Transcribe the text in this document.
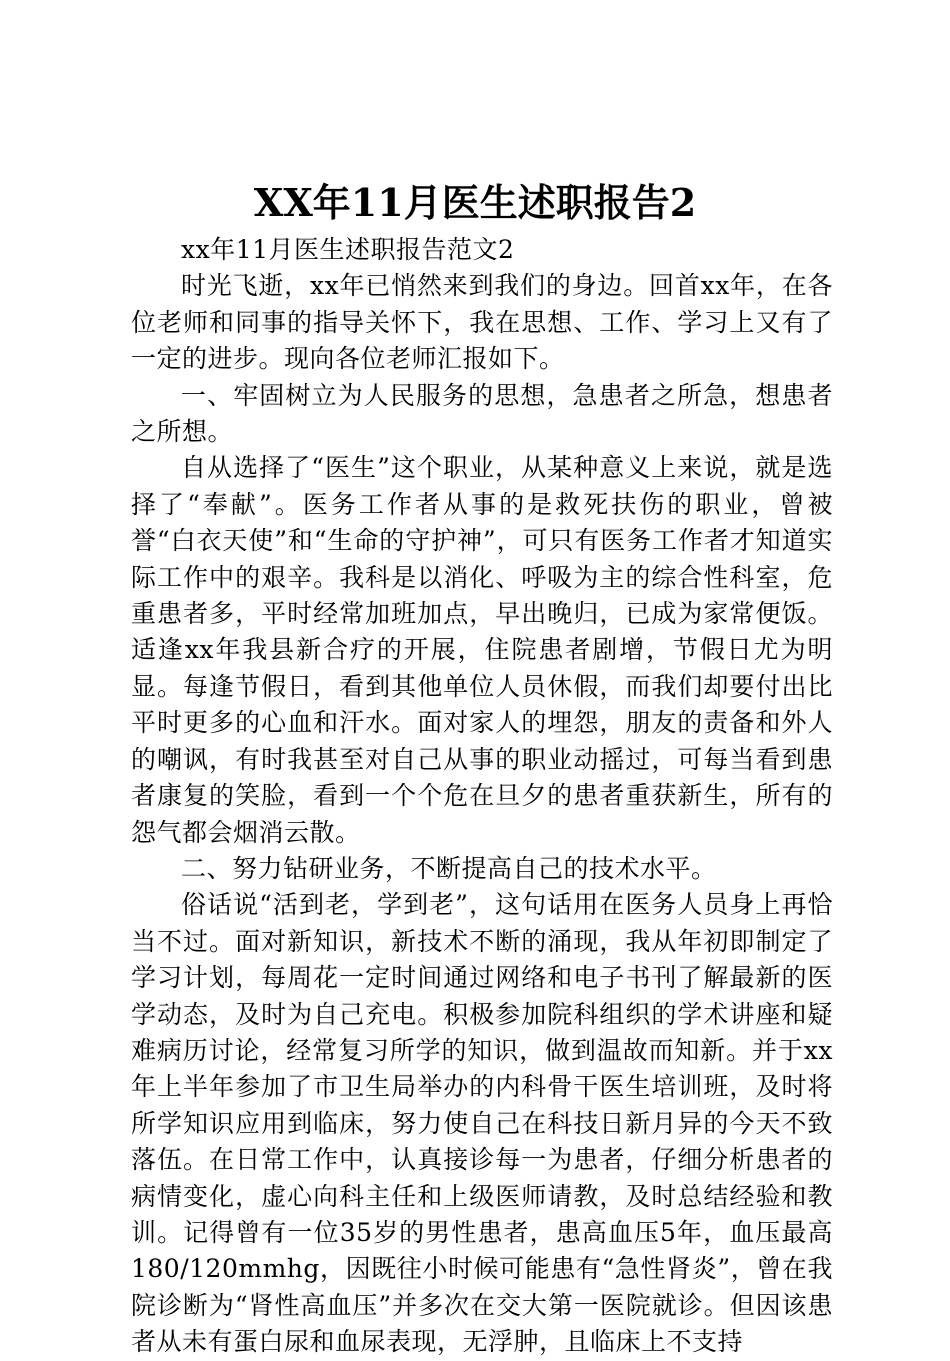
XX年11月医生述职报告2

xx年11月医生述职报告范文2

时光飞逝，xx年已悄然来到我们的身边。回首xx年，在各位老师和同事的指导关怀下，我在思想、工作、学习上又有了一定的进步。现向各位老师汇报如下。

一、牢固树立为人民服务的思想，急患者之所急，想患者之所想。

自从选择了“医生”这个职业，从某种意义上来说，就是选择了“奉献”。医务工作者从事的是救死扶伤的职业，曾被誉“白衣天使”和“生命的守护神”，可只有医务工作者才知道实际工作中的艰辛。我科是以消化、呼吸为主的综合性科室，危重患者多，平时经常加班加点，早出晚归，已成为家常便饭。适逢xx年我县新合疗的开展，住院患者剧增，节假日尤为明显。每逢节假日，看到其他单位人员休假，而我们却要付出比平时更多的心血和汗水。面对家人的埋怨，朋友的责备和外人的嘲讽，有时我甚至对自己从事的职业动摇过，可每当看到患者康复的笑脸，看到一个个危在旦夕的患者重获新生，所有的怨气都会烟消云散。

二、努力钻研业务，不断提高自己的技术水平。

俗话说“活到老，学到老”，这句话用在医务人员身上再恰当不过。面对新知识，新技术不断的涌现，我从年初即制定了学习计划，每周花一定时间通过网络和电子书刊了解最新的医学动态，及时为自己充电。积极参加院科组织的学术讲座和疑难病历讨论，经常复习所学的知识，做到温故而知新。并于xx年上半年参加了市卫生局举办的内科骨干医生培训班，及时将所学知识应用到临床，努力使自己在科技日新月异的今天不致落伍。在日常工作中，认真接诊每一为患者，仔细分析患者的病情变化，虚心向科主任和上级医师请教，及时总结经验和教训。记得曾有一位35岁的男性患者，患高血压5年，血压最高180/120mmhg，因既往小时候可能患有“急性肾炎”，曾在我院诊断为“肾性高血压”并多次在交大第一医院就诊。但因该患者从未有蛋白尿和血尿表现，无浮肿，且临床上不支持
